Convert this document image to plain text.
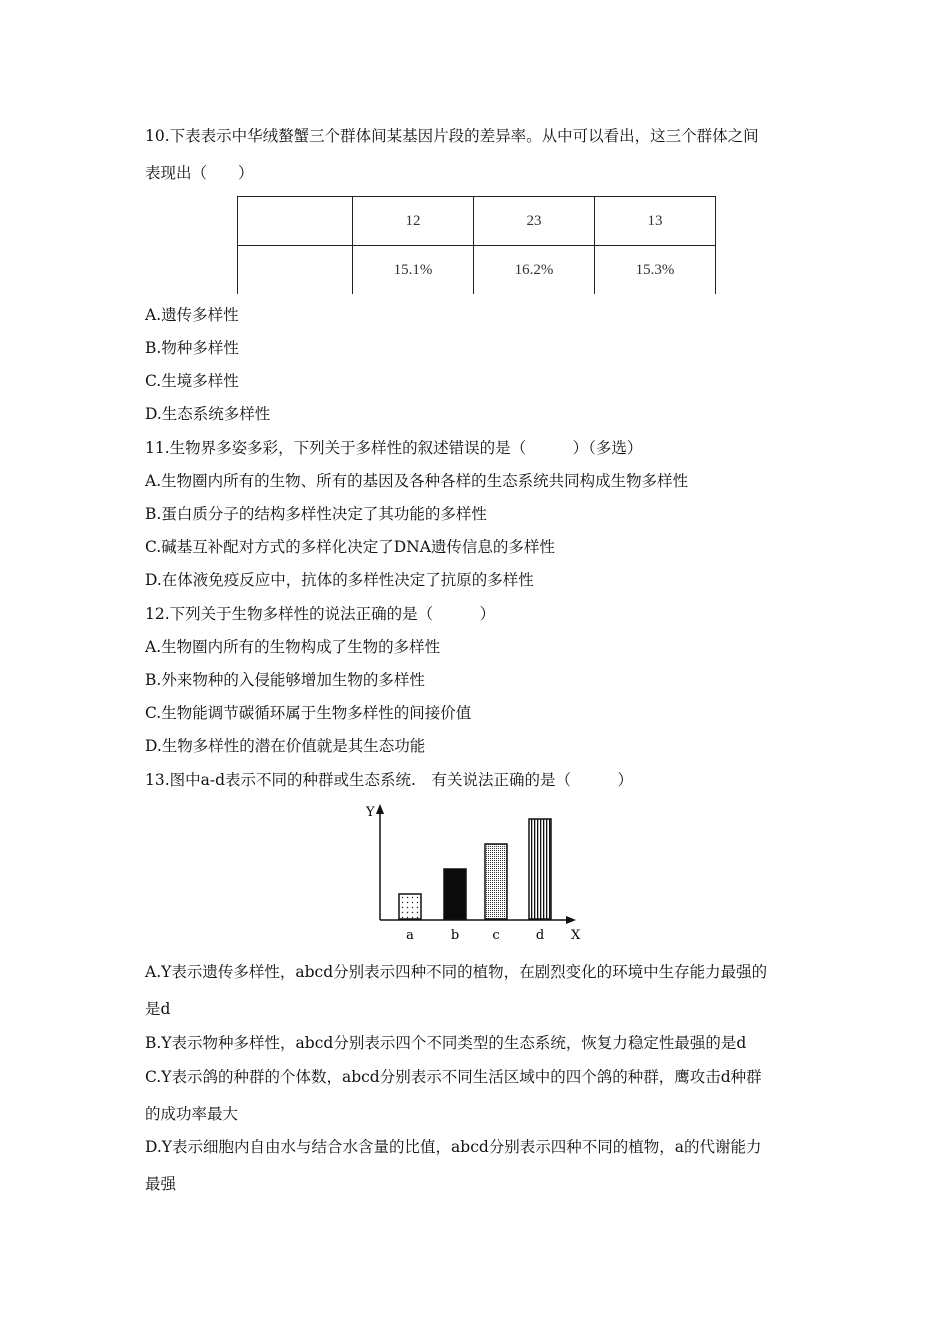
10.下表表示中华绒螯蟹三个群体间某基因片段的差异率。从中可以看出，这三个群体之间
表现出（　　）
	12	23	13
	15.1%	16.2%	15.3%
A.遗传多样性
B.物种多样性
C.生境多样性
D.生态系统多样性
11.生物界多姿多彩，下列关于多样性的叙述错误的是（　　　）（多选）
A.生物圈内所有的生物、所有的基因及各种各样的生态系统共同构成生物多样性
B.蛋白质分子的结构多样性决定了其功能的多样性
C.碱基互补配对方式的多样化决定了DNA遗传信息的多样性
D.在体液免疫反应中，抗体的多样性决定了抗原的多样性
12.下列关于生物多样性的说法正确的是（　　　）
A.生物圈内所有的生物构成了生物的多样性
B.外来物种的入侵能够增加生物的多样性
C.生物能调节碳循环属于生物多样性的间接价值
D.生物多样性的潜在价值就是其生态功能
13.图中a-d表示不同的种群或生态系统.　有关说法正确的是（　　　）
Y
X
a	b	c	d
A.Y表示遗传多样性，abcd分别表示四种不同的植物，在剧烈变化的环境中生存能力最强的
是d
B.Y表示物种多样性，abcd分别表示四个不同类型的生态系统，恢复力稳定性最强的是d
C.Y表示鸽的种群的个体数，abcd分别表示不同生活区域中的四个鸽的种群，鹰攻击d种群
的成功率最大
D.Y表示细胞内自由水与结合水含量的比值，abcd分别表示四种不同的植物，a的代谢能力
最强
